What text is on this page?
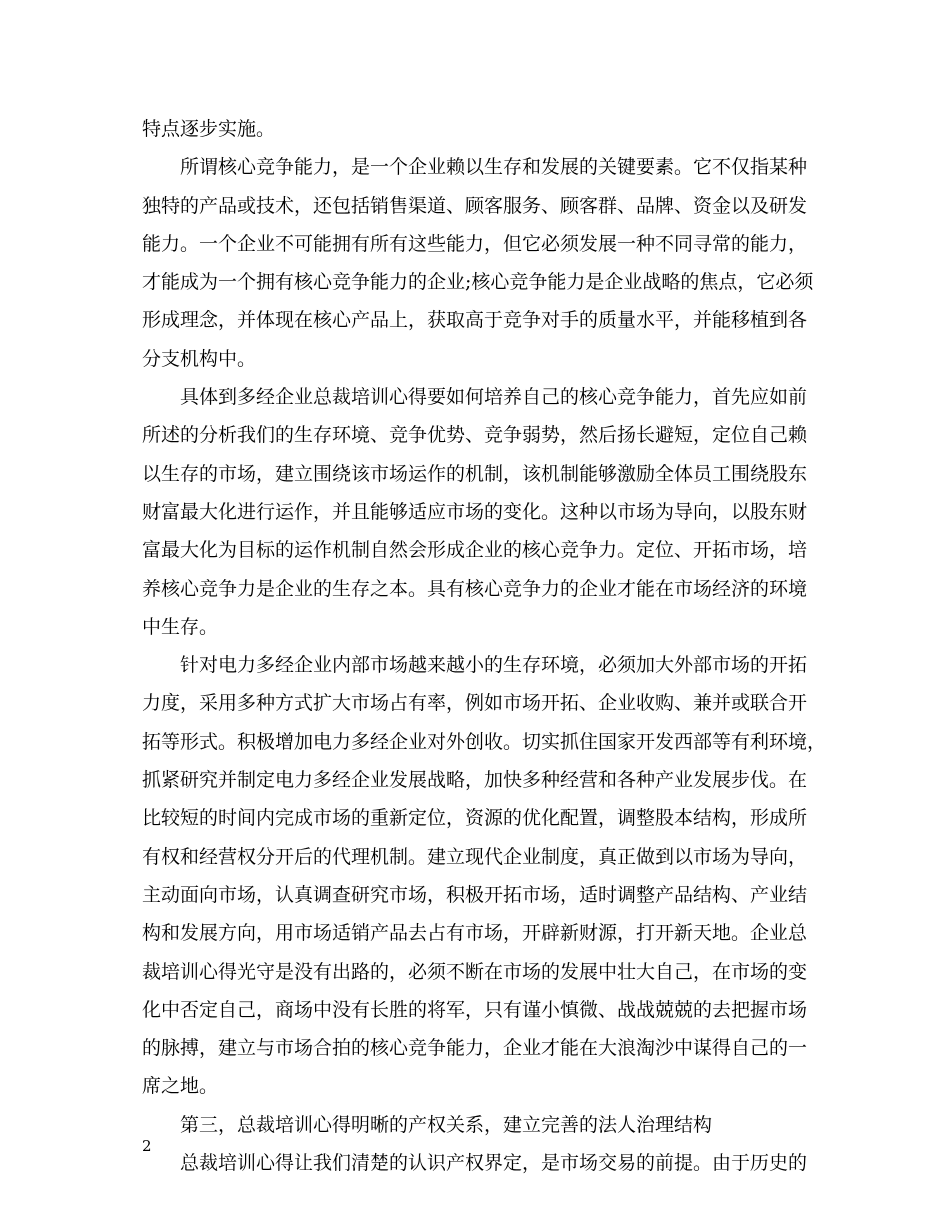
特点逐步实施。
所谓核心竞争能力，是一个企业赖以生存和发展的关键要素。它不仅指某种
独特的产品或技术，还包括销售渠道、顾客服务、顾客群、品牌、资金以及研发
能力。一个企业不可能拥有所有这些能力，但它必须发展一种不同寻常的能力，
才能成为一个拥有核心竞争能力的企业;核心竞争能力是企业战略的焦点，它必须
形成理念，并体现在核心产品上，获取高于竞争对手的质量水平，并能移植到各
分支机构中。
具体到多经企业总裁培训心得要如何培养自己的核心竞争能力，首先应如前
所述的分析我们的生存环境、竞争优势、竞争弱势，然后扬长避短，定位自己赖
以生存的市场，建立围绕该市场运作的机制，该机制能够激励全体员工围绕股东
财富最大化进行运作，并且能够适应市场的变化。这种以市场为导向，以股东财
富最大化为目标的运作机制自然会形成企业的核心竞争力。定位、开拓市场，培
养核心竞争力是企业的生存之本。具有核心竞争力的企业才能在市场经济的环境
中生存。
针对电力多经企业内部市场越来越小的生存环境，必须加大外部市场的开拓
力度，采用多种方式扩大市场占有率，例如市场开拓、企业收购、兼并或联合开
拓等形式。积极增加电力多经企业对外创收。切实抓住国家开发西部等有利环境，
抓紧研究并制定电力多经企业发展战略，加快多种经营和各种产业发展步伐。在
比较短的时间内完成市场的重新定位，资源的优化配置，调整股本结构，形成所
有权和经营权分开后的代理机制。建立现代企业制度，真正做到以市场为导向，
主动面向市场，认真调查研究市场，积极开拓市场，适时调整产品结构、产业结
构和发展方向，用市场适销产品去占有市场，开辟新财源，打开新天地。企业总
裁培训心得光守是没有出路的，必须不断在市场的发展中壮大自己，在市场的变
化中否定自己，商场中没有长胜的将军，只有谨小慎微、战战兢兢的去把握市场
的脉搏，建立与市场合拍的核心竞争能力，企业才能在大浪淘沙中谋得自己的一
席之地。
第三，总裁培训心得明晰的产权关系，建立完善的法人治理结构
总裁培训心得让我们清楚的认识产权界定，是市场交易的前提。由于历史的
2
